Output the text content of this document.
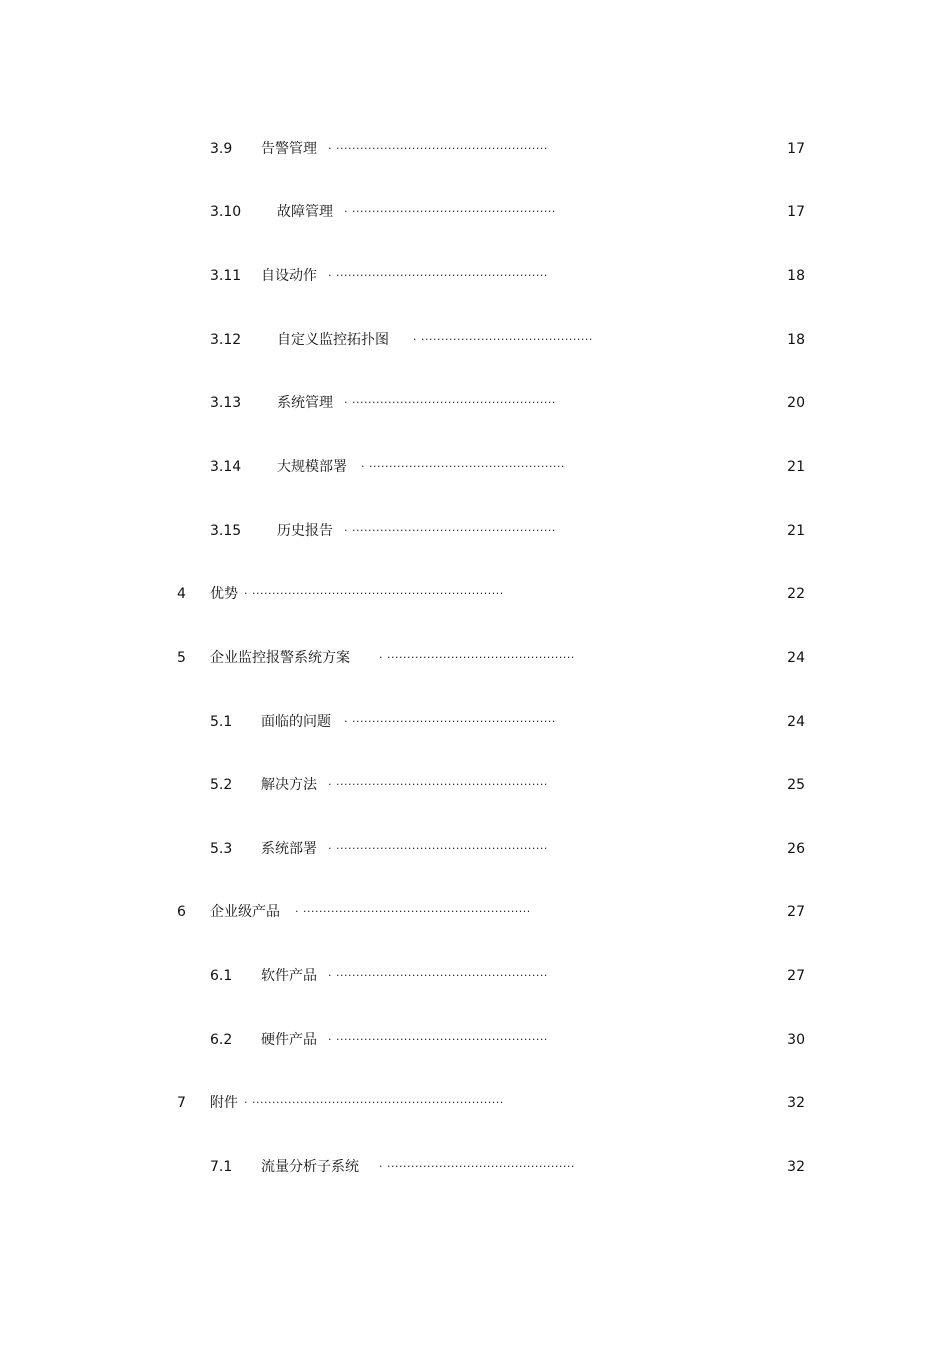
3.9 告警管理 . .....................................................	17
3.10	故障管理 . ...................................................	17
3.11 自设动作 . .....................................................	18
3.12	自定义监控拓扑图 . ...........................................	18
3.13	系统管理 . ...................................................	20
3.14	大规模部署 . .................................................	21
3.15	历史报告 . ...................................................	21
4 优势 . ...............................................................	22
5 企业监控报警系统方案	. ...............................................	24
5.1 面临的问题 . ...................................................	24
5.2 解决方法 . .....................................................	25
5.3 系统部署 . .....................................................	26
6 企业级产品 . .........................................................	27
6.1 软件产品 . .....................................................	27
6.2 硬件产品 . .....................................................	30
7 附件 . ...............................................................	32
7.1 流量分析子系统 . ...............................................	32
